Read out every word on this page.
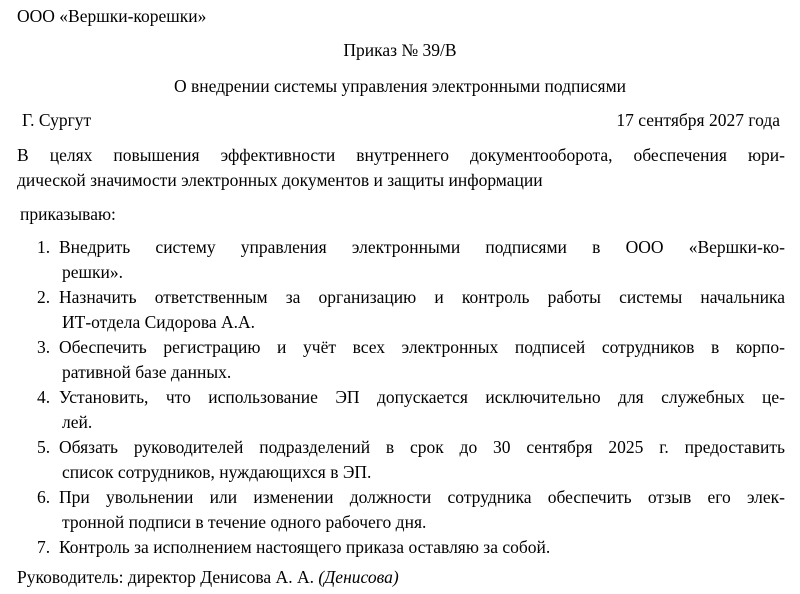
ООО «Вершки-корешки»
Приказ № 39/В
О внедрении системы управления электронными подписями
Г. Сургут	17 сентября 2027 года
В целях повышения эффективности внутреннего документооборота, обеспечения юри-
дической значимости электронных документов и защиты информации
приказываю:
1. Внедрить систему управления электронными подписями в ООО «Вершки-ко-
решки».
2. Назначить ответственным за организацию и контроль работы системы начальника
ИТ-отдела Сидорова А.А.
3. Обеспечить регистрацию и учёт всех электронных подписей сотрудников в корпо-
ративной базе данных.
4. Установить, что использование ЭП допускается исключительно для служебных це-
лей.
5. Обязать руководителей подразделений в срок до 30 сентября 2025 г. предоставить
список сотрудников, нуждающихся в ЭП.
6. При увольнении или изменении должности сотрудника обеспечить отзыв его элек-
тронной подписи в течение одного рабочего дня.
7. Контроль за исполнением настоящего приказа оставляю за собой.
Руководитель: директор Денисова А. А. (Денисова)
